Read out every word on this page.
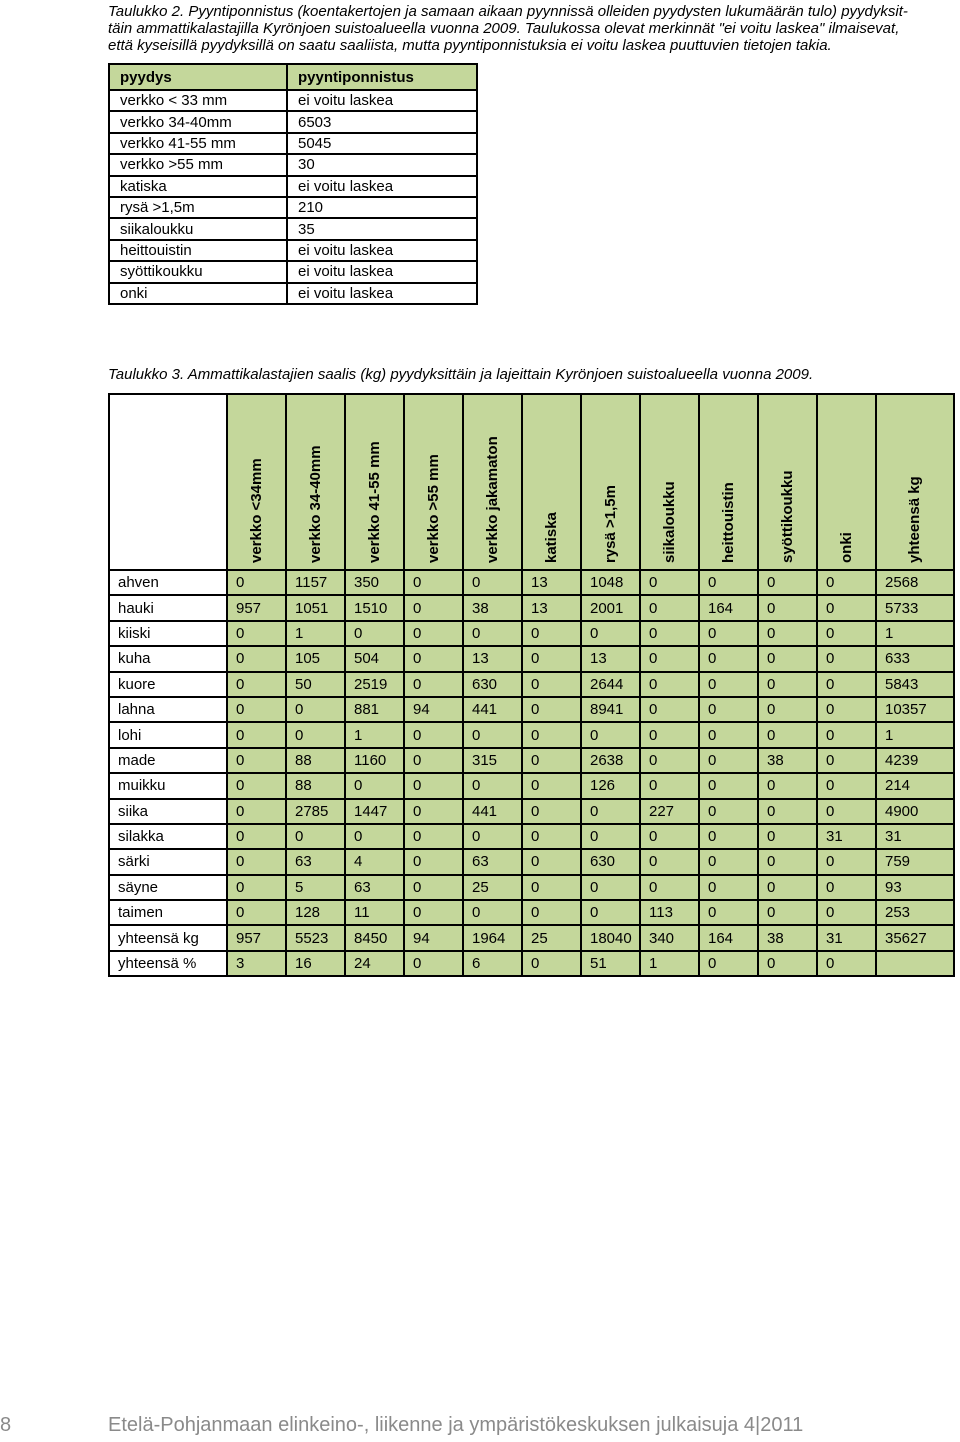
Taulukko 2. Pyyntiponnistus (koentakertojen ja samaan aikaan pyynnissä olleiden pyydysten lukumäärän tulo) pyydyksit-
täin ammattikalastajilla Kyrönjoen suistoalueella vuonna 2009. Taulukossa olevat merkinnät "ei voitu laskea" ilmaisevat,
että kyseisillä pyydyksillä on saatu saaliista, mutta pyyntiponnistuksia ei voitu laskea puuttuvien tietojen takia.
pyydys	pyyntiponnistus
verkko < 33 mm	ei voitu laskea
verkko 34-40mm	6503
verkko 41-55 mm	5045
verkko >55 mm	30
katiska	ei voitu laskea
rysä >1,5m	210
siikaloukku	35
heittouistin	ei voitu laskea
syöttikoukku	ei voitu laskea
onki	ei voitu laskea
Taulukko 3. Ammattikalastajien saalis (kg) pyydyksittäin ja lajeittain Kyrönjoen suistoalueella vuonna 2009.

	verkko <34mm	verkko 34-40mm	verkko 41-55 mm	verkko >55 mm	verkko jakamaton	katiska	rysä >1,5m	siikaloukku	heittouistin	syöttikoukku	onki	yhteensä kg

ahven	0	1157	350	0	0	13	1048	0	0	0	0	2568
hauki	957	1051	1510	0	38	13	2001	0	164	0	0	5733
kiiski	0	1	0	0	0	0	0	0	0	0	0	1
kuha	0	105	504	0	13	0	13	0	0	0	0	633
kuore	0	50	2519	0	630	0	2644	0	0	0	0	5843
lahna	0	0	881	94	441	0	8941	0	0	0	0	10357
lohi	0	0	1	0	0	0	0	0	0	0	0	1
made	0	88	1160	0	315	0	2638	0	0	38	0	4239
muikku	0	88	0	0	0	0	126	0	0	0	0	214
siika	0	2785	1447	0	441	0	0	227	0	0	0	4900
silakka	0	0	0	0	0	0	0	0	0	0	31	31
särki	0	63	4	0	63	0	630	0	0	0	0	759
säyne	0	5	63	0	25	0	0	0	0	0	0	93
taimen	0	128	11	0	0	0	0	113	0	0	0	253
yhteensä kg	957	5523	8450	94	1964	25	18040	340	164	38	31	35627
yhteensä %	3	16	24	0	6	0	51	1	0	0	0	
8	Etelä-Pohjanmaan elinkeino-, liikenne ja ympäristökeskuksen julkaisuja 4|2011
